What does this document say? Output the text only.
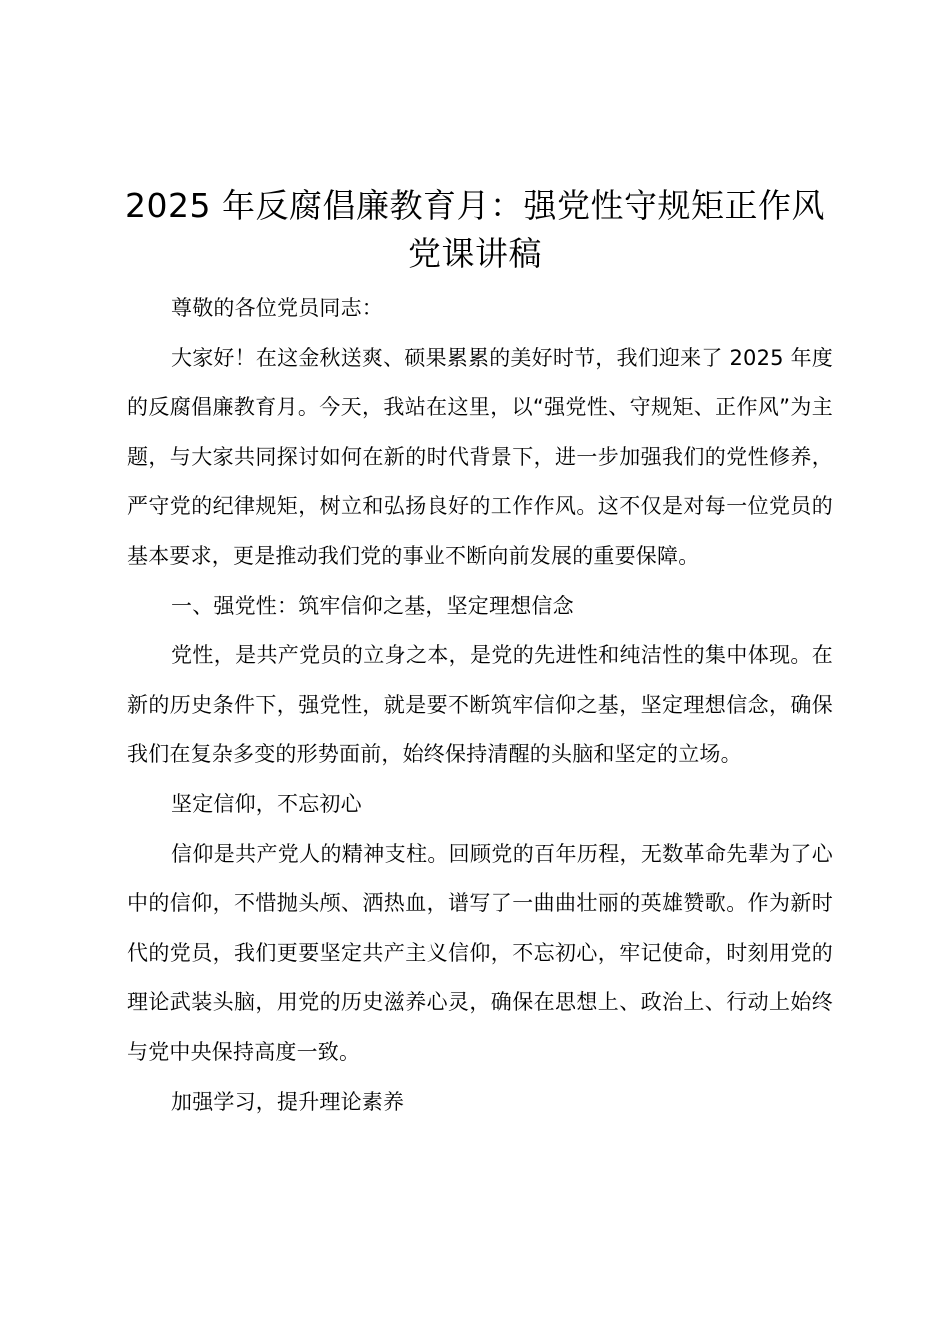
2025 年反腐倡廉教育月：强党性守规矩正作风党课讲稿

尊敬的各位党员同志：

大家好！在这金秋送爽、硕果累累的美好时节，我们迎来了 2025 年度的反腐倡廉教育月。今天，我站在这里，以“强党性、守规矩、正作风”为主题，与大家共同探讨如何在新的时代背景下，进一步加强我们的党性修养，严守党的纪律规矩，树立和弘扬良好的工作作风。这不仅是对每一位党员的基本要求，更是推动我们党的事业不断向前发展的重要保障。

一、强党性：筑牢信仰之基，坚定理想信念

党性，是共产党员的立身之本，是党的先进性和纯洁性的集中体现。在新的历史条件下，强党性，就是要不断筑牢信仰之基，坚定理想信念，确保我们在复杂多变的形势面前，始终保持清醒的头脑和坚定的立场。

坚定信仰，不忘初心

信仰是共产党人的精神支柱。回顾党的百年历程，无数革命先辈为了心中的信仰，不惜抛头颅、洒热血，谱写了一曲曲壮丽的英雄赞歌。作为新时代的党员，我们更要坚定共产主义信仰，不忘初心，牢记使命，时刻用党的理论武装头脑，用党的历史滋养心灵，确保在思想上、政治上、行动上始终与党中央保持高度一致。

加强学习，提升理论素养
